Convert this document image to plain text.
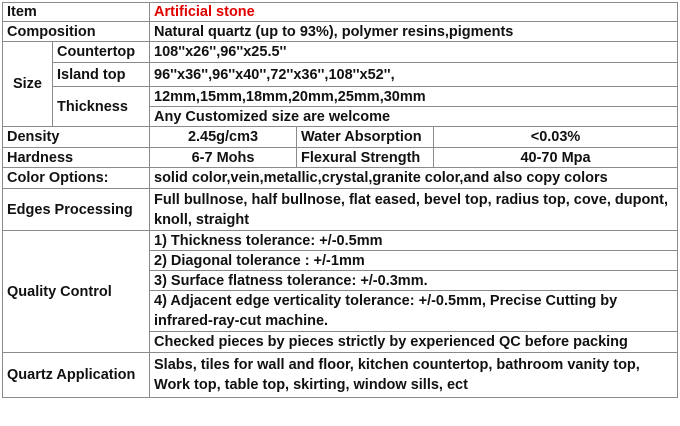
Item		Artificial stone		
Composition		Natural quartz (up to 93%), polymer resins,pigments		
Size	Countertop	108''x26'',96''x25.5''		
	Island top	96''x36'',96''x40'',72''x36'',108''x52'',		
	Thickness	12mm,15mm,18mm,20mm,25mm,30mm		
		Any Customized size are welcome		
Density		2.45g/cm3	Water Absorption	<0.03%
Hardness		6-7 Mohs	Flexural Strength	40-70 Mpa
Color Options:		solid color,vein,metallic,crystal,granite color,and also copy colors		
Edges Processing		Full bullnose, half bullnose, flat eased, bevel top, radius top, cove, dupont, knoll, straight		
Quality Control		1) Thickness tolerance: +/-0.5mm		
		2) Diagonal tolerance : +/-1mm		
		3) Surface flatness tolerance: +/-0.3mm.		
		4) Adjacent edge verticality tolerance: +/-0.5mm, Precise Cutting by infrared-ray-cut machine.		
		Checked pieces by pieces strictly by experienced QC before packing		
Quartz Application		Slabs, tiles for wall and floor, kitchen countertop, bathroom vanity top, Work top, table top, skirting, window sills, ect		
